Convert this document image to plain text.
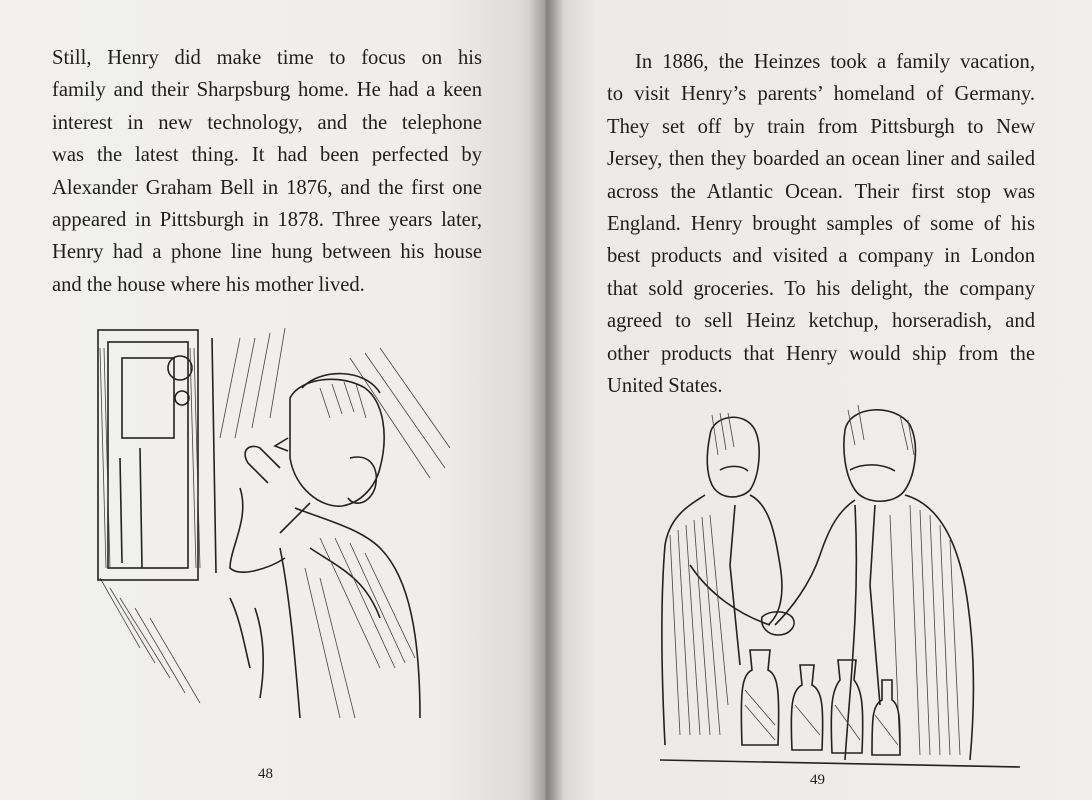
Still, Henry did make time to focus on his
family and their Sharpsburg home. He had a keen
interest in new technology, and the telephone
was the latest thing. It had been perfected by
Alexander Graham Bell in 1876, and the first one
appeared in Pittsburgh in 1878. Three years later,
Henry had a phone line hung between his house
and the house where his mother lived.

48

In 1886, the Heinzes took a family vacation,
to visit Henry’s parents’ homeland of Germany.
They set off by train from Pittsburgh to New
Jersey, then they boarded an ocean liner and sailed
across the Atlantic Ocean. Their first stop was
England. Henry brought samples of some of his
best products and visited a company in London
that sold groceries. To his delight, the company
agreed to sell Heinz ketchup, horseradish, and
other products that Henry would ship from the
United States.

49
